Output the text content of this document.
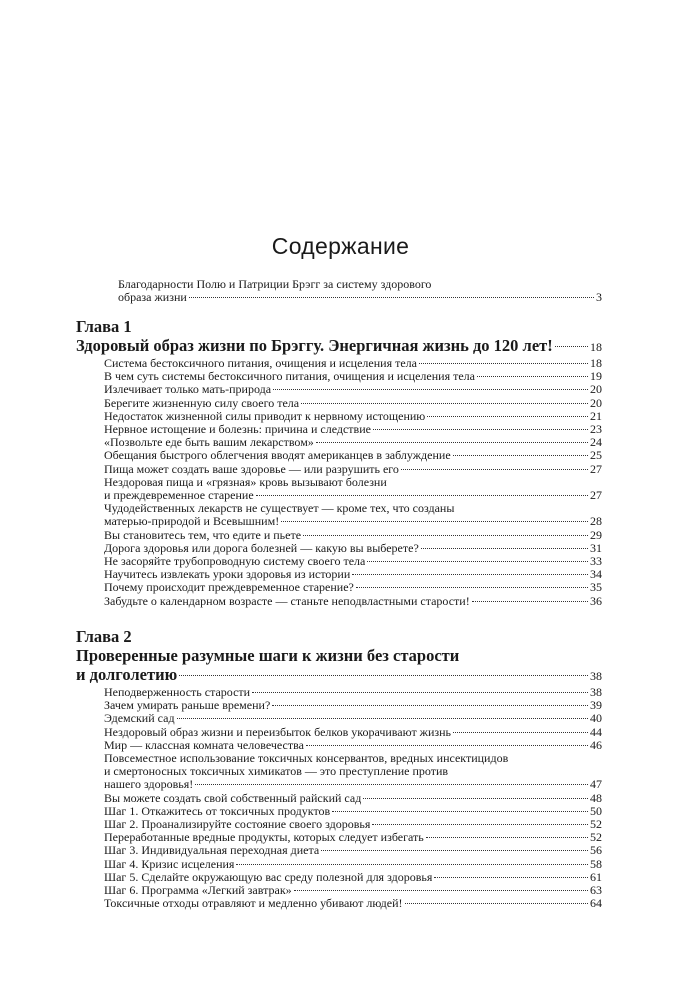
Содержание
Благодарности Полю и Патриции Брэгг за систему здорового
образа жизни	3
Глава 1
Здоровый образ жизни по Брэггу. Энергичная жизнь до 120 лет!	18
Система бестоксичного питания, очищения и исцеления тела	18
В чем суть системы бестоксичного питания, очищения и исцеления тела	19
Излечивает только мать-природа	20
Берегите жизненную силу своего тела	20
Недостаток жизненной силы приводит к нервному истощению	21
Нервное истощение и болезнь: причина и следствие	23
«Позвольте еде быть вашим лекарством»	24
Обещания быстрого облегчения вводят американцев в заблуждение	25
Пища может создать ваше здоровье — или разрушить его	27
Нездоровая пища и «грязная» кровь вызывают болезни
и преждевременное старение	27
Чудодейственных лекарств не существует — кроме тех, что созданы
матерью-природой и Всевышним!	28
Вы становитесь тем, что едите и пьете	29
Дорога здоровья или дорога болезней — какую вы выберете?	31
Не засоряйте трубопроводную систему своего тела	33
Научитесь извлекать уроки здоровья из истории	34
Почему происходит преждевременное старение?	35
Забудьте о календарном возрасте — станьте неподвластными старости!	36
Глава 2
Проверенные разумные шаги к жизни без старости
и долголетию	38
Неподверженность старости	38
Зачем умирать раньше времени?	39
Эдемский сад	40
Нездоровый образ жизни и переизбыток белков укорачивают жизнь	44
Мир — классная комната человечества	46
Повсеместное использование токсичных консервантов, вредных инсектицидов
и смертоносных токсичных химикатов — это преступление против
нашего здоровья!	47
Вы можете создать свой собственный райский сад	48
Шаг 1. Откажитесь от токсичных продуктов	50
Шаг 2. Проанализируйте состояние своего здоровья	52
Переработанные вредные продукты, которых следует избегать	52
Шаг 3. Индивидуальная переходная диета	56
Шаг 4. Кризис исцеления	58
Шаг 5. Сделайте окружающую вас среду полезной для здоровья	61
Шаг 6. Программа «Легкий завтрак»	63
Токсичные отходы отравляют и медленно убивают людей!	64
